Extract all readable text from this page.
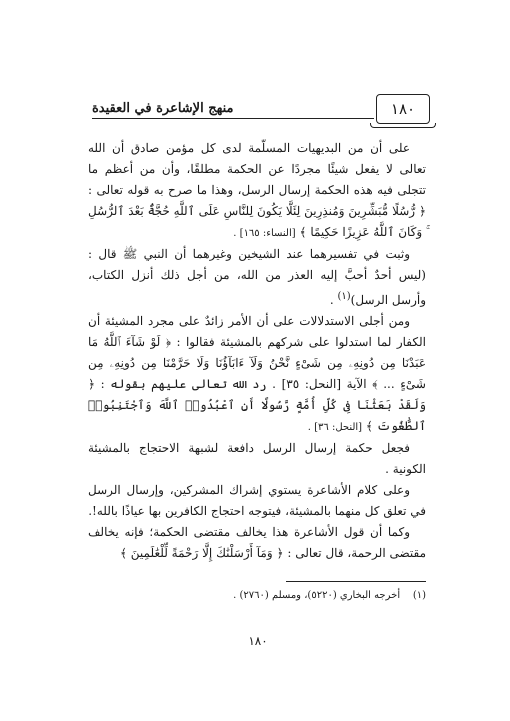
منهج الإشاعرة في العقيدة	١٨٠

على أن من البديهيات المسلّمة لدى كل مؤمن صادق أن الله تعالى لا يفعل شيئًا مجردًا عن الحكمة مطلقًا، وأن من أعظم ما تتجلى فيه هذه الحكمة إرسال الرسل، وهذا ما صرح به قوله تعالى : ﴿ رُّسُلًا مُّبَشِّرِينَ وَمُنذِرِينَ لِئَلَّا يَكُونَ لِلنَّاسِ عَلَى ٱللَّهِ حُجَّةٌۢ بَعْدَ ٱلرُّسُلِ ۚ وَكَانَ ٱللَّهُ عَزِيزًا حَكِيمًا ﴾ [النساء: ١٦٥] .

وثبت في تفسيرهما عند الشيخين وغيرهما أن النبي ﷺ قال : (ليس أحدٌ أحبَّ إليه العذر من الله، من أجل ذلك أنزل الكتاب، وأرسل الرسل)$^{(١)}$ .

ومن أجلى الاستدلالات على أن الأمر زائدٌ على مجرد المشيئة أن الكفار لما استدلوا على شركهم بالمشيئة فقالوا : ﴿ لَوْ شَآءَ ٱللَّهُ مَا عَبَدْنَا مِن دُونِهِۦ مِن شَىْءٍ نَّحْنُ وَلَآ ءَابَآؤُنَا وَلَا حَرَّمْنَا مِن دُونِهِۦ مِن شَىْءٍ ... ﴾ الآية [النحل: ٣٥] . رد الله تعالى عليهم بقوله : ﴿ وَلَقَدْ بَعَثْنَا فِى كُلِّ أُمَّةٍ رَّسُولًا أَنِ ٱعْبُدُوا۟ ٱللَّهَ وَٱجْتَنِبُوا۟ ٱلطَّٰغُوتَ ﴾ [النحل: ٣٦] .

فجعل حكمة إرسال الرسل دافعة لشبهة الاحتجاج بالمشيئة الكونية .

وعلى كلام الأشاعرة يستوي إشراك المشركين، وإرسال الرسل في تعلق كل منهما بالمشيئة، فيتوجه احتجاج الكافرين بها عياذًا بالله!.

وكما أن قول الأشاعرة هذا يخالف مقتضى الحكمة؛ فإنه يخالف مقتضى الرحمة، قال تعالى : ﴿ وَمَآ أَرْسَلْنَٰكَ إِلَّا رَحْمَةً لِّلْعَٰلَمِينَ ﴾

(١)    أخرجه البخاري (٥٢٢٠)، ومسلم (٢٧٦٠) .
١٨٠
